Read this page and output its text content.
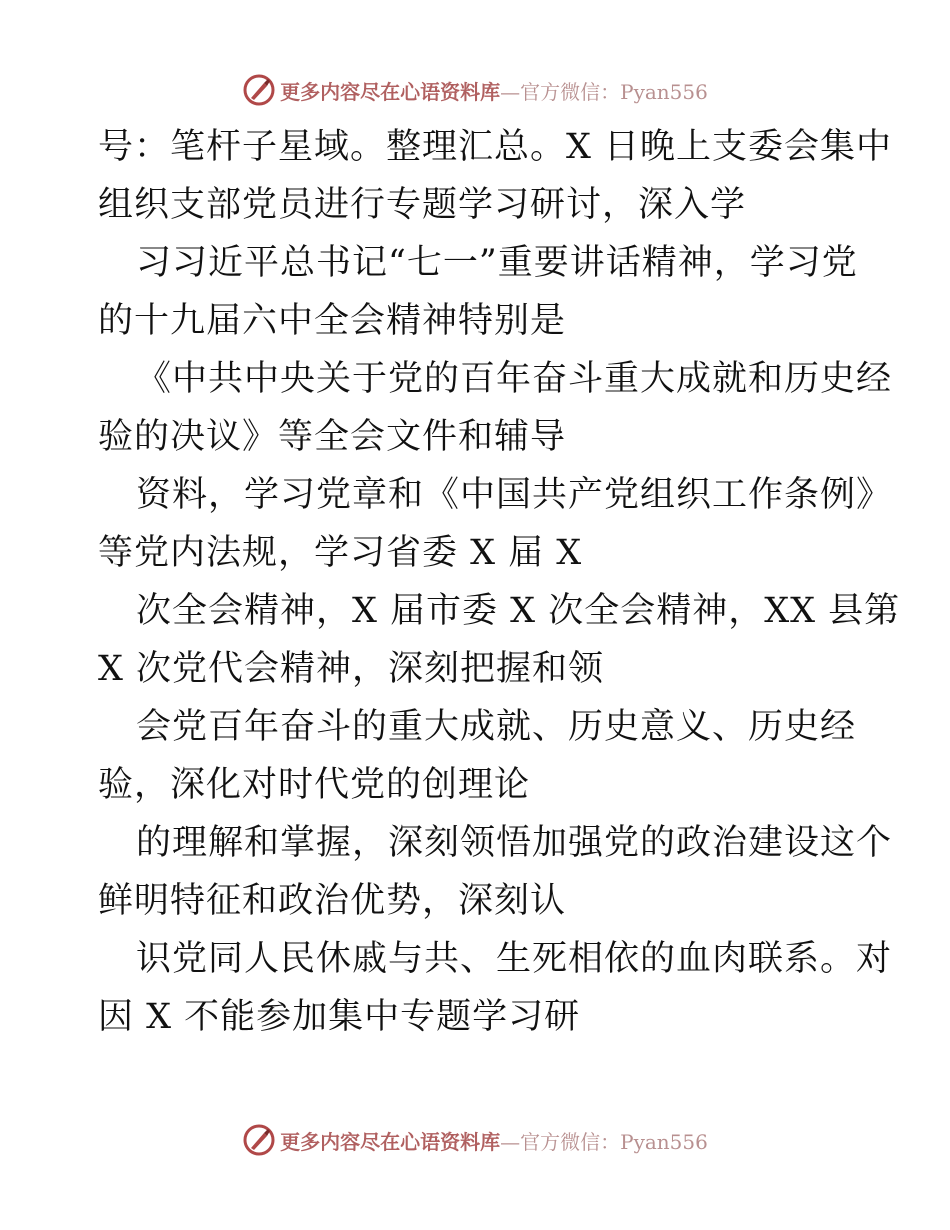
更多内容尽在心语资料库—官方微信：Pyan556
号：笔杆子星域。整理汇总。X 日晚上支委会集中
组织支部党员进行专题学习研讨，深入学
习习近平总书记“七一”重要讲话精神，学习党
的十九届六中全会精神特别是
《中共中央关于党的百年奋斗重大成就和历史经
验的决议》等全会文件和辅导
资料，学习党章和《中国共产党组织工作条例》
等党内法规，学习省委 X 届 X
次全会精神，X 届市委 X 次全会精神，XX 县第
X 次党代会精神，深刻把握和领
会党百年奋斗的重大成就、历史意义、历史经
验，深化对时代党的创理论
的理解和掌握，深刻领悟加强党的政治建设这个
鲜明特征和政治优势，深刻认
识党同人民休戚与共、生死相依的血肉联系。对
因 X 不能参加集中专题学习研
更多内容尽在心语资料库—官方微信：Pyan556
